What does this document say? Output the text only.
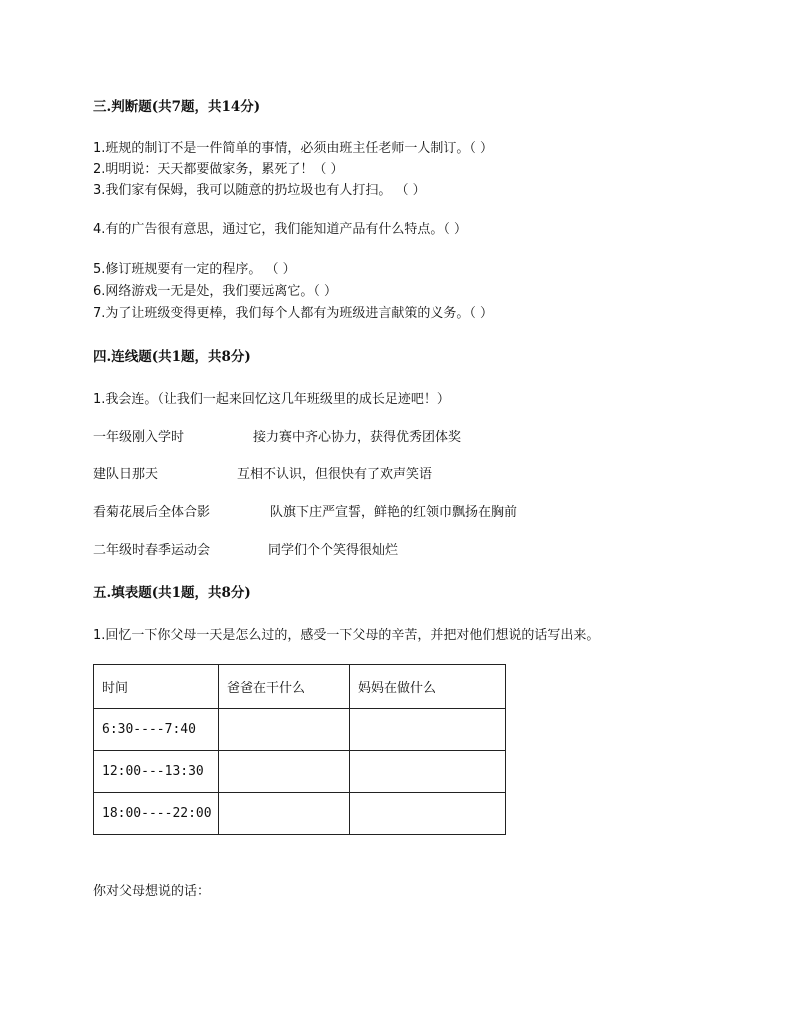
三.判断题(共7题，共14分)
1.班规的制订不是一件简单的事情，必须由班主任老师一人制订。（ ）
2.明明说：天天都要做家务，累死了！（ ）
3.我们家有保姆，我可以随意的扔垃圾也有人打扫。 （ ）
4.有的广告很有意思，通过它，我们能知道产品有什么特点。（ ）
5.修订班规要有一定的程序。 （ ）
6.网络游戏一无是处，我们要远离它。（ ）
7.为了让班级变得更棒，我们每个人都有为班级进言献策的义务。（ ）
四.连线题(共1题，共8分)
1.我会连。（让我们一起来回忆这几年班级里的成长足迹吧！）
一年级刚入学时	接力赛中齐心协力，获得优秀团体奖
建队日那天	互相不认识，但很快有了欢声笑语
看菊花展后全体合影	队旗下庄严宣誓，鲜艳的红领巾飘扬在胸前
二年级时春季运动会	同学们个个笑得很灿烂
五.填表题(共1题，共8分)
1.回忆一下你父母一天是怎么过的，感受一下父母的辛苦，并把对他们想说的话写出来。
时间	爸爸在干什么	妈妈在做什么
6:30----7:40		
12:00---13:30		
18:00----22:00		
你对父母想说的话：
